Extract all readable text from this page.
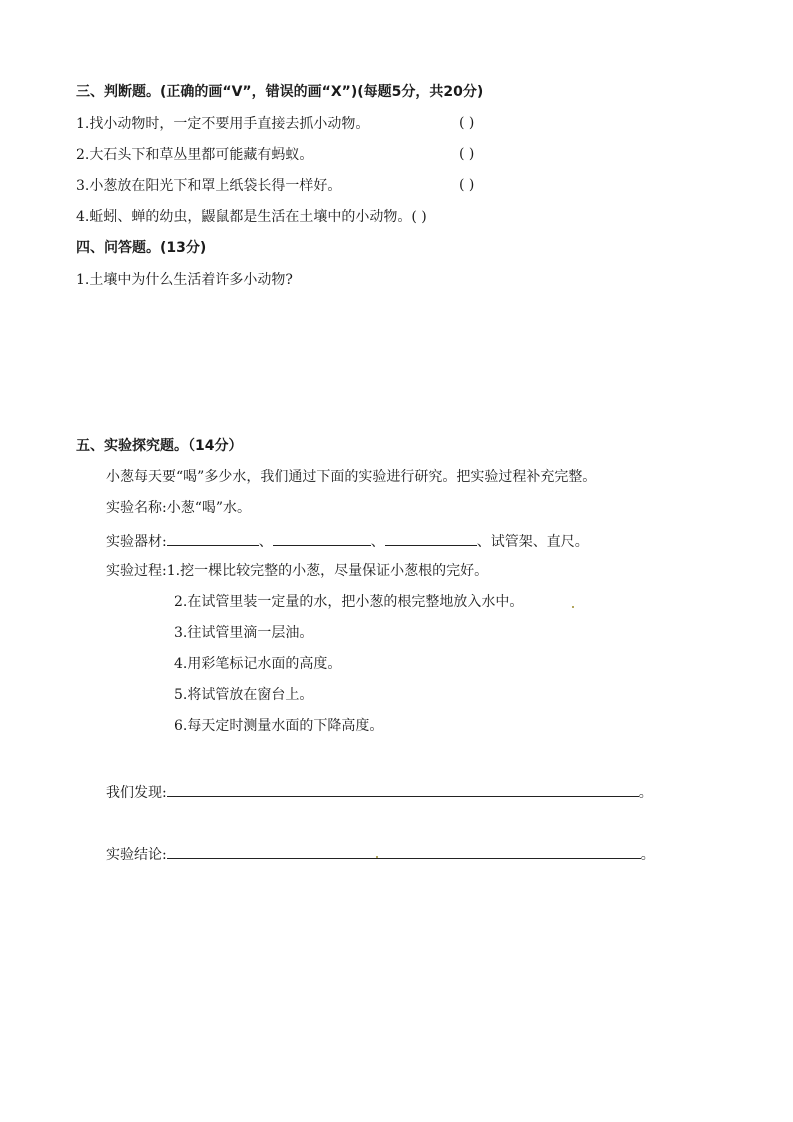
三、判断题。(正确的画“V”，错误的画“X”)(每题5分，共20分)
1.找小动物时，一定不要用手直接去抓小动物。	( )
2.大石头下和草丛里都可能藏有蚂蚁。	( )
3.小葱放在阳光下和罩上纸袋长得一样好。	( )
4.蚯蚓、蝉的幼虫，鼹鼠都是生活在土壤中的小动物。( )
四、问答题。(13分)
1.土壤中为什么生活着许多小动物?
五、实验探究题。（14分）
小葱每天要“喝”多少水，我们通过下面的实验进行研究。把实验过程补充完整。
实验名称:小葱“喝”水。
实验器材:	、	、	、试管架、直尺。
实验过程:1.挖一棵比较完整的小葱，尽量保证小葱根的完好。
2.在试管里装一定量的水，把小葱的根完整地放入水中。
3.往试管里滴一层油。
4.用彩笔标记水面的高度。
5.将试管放在窗台上。
6.每天定时测量水面的下降高度。
我们发现:	。
实验结论:	。
